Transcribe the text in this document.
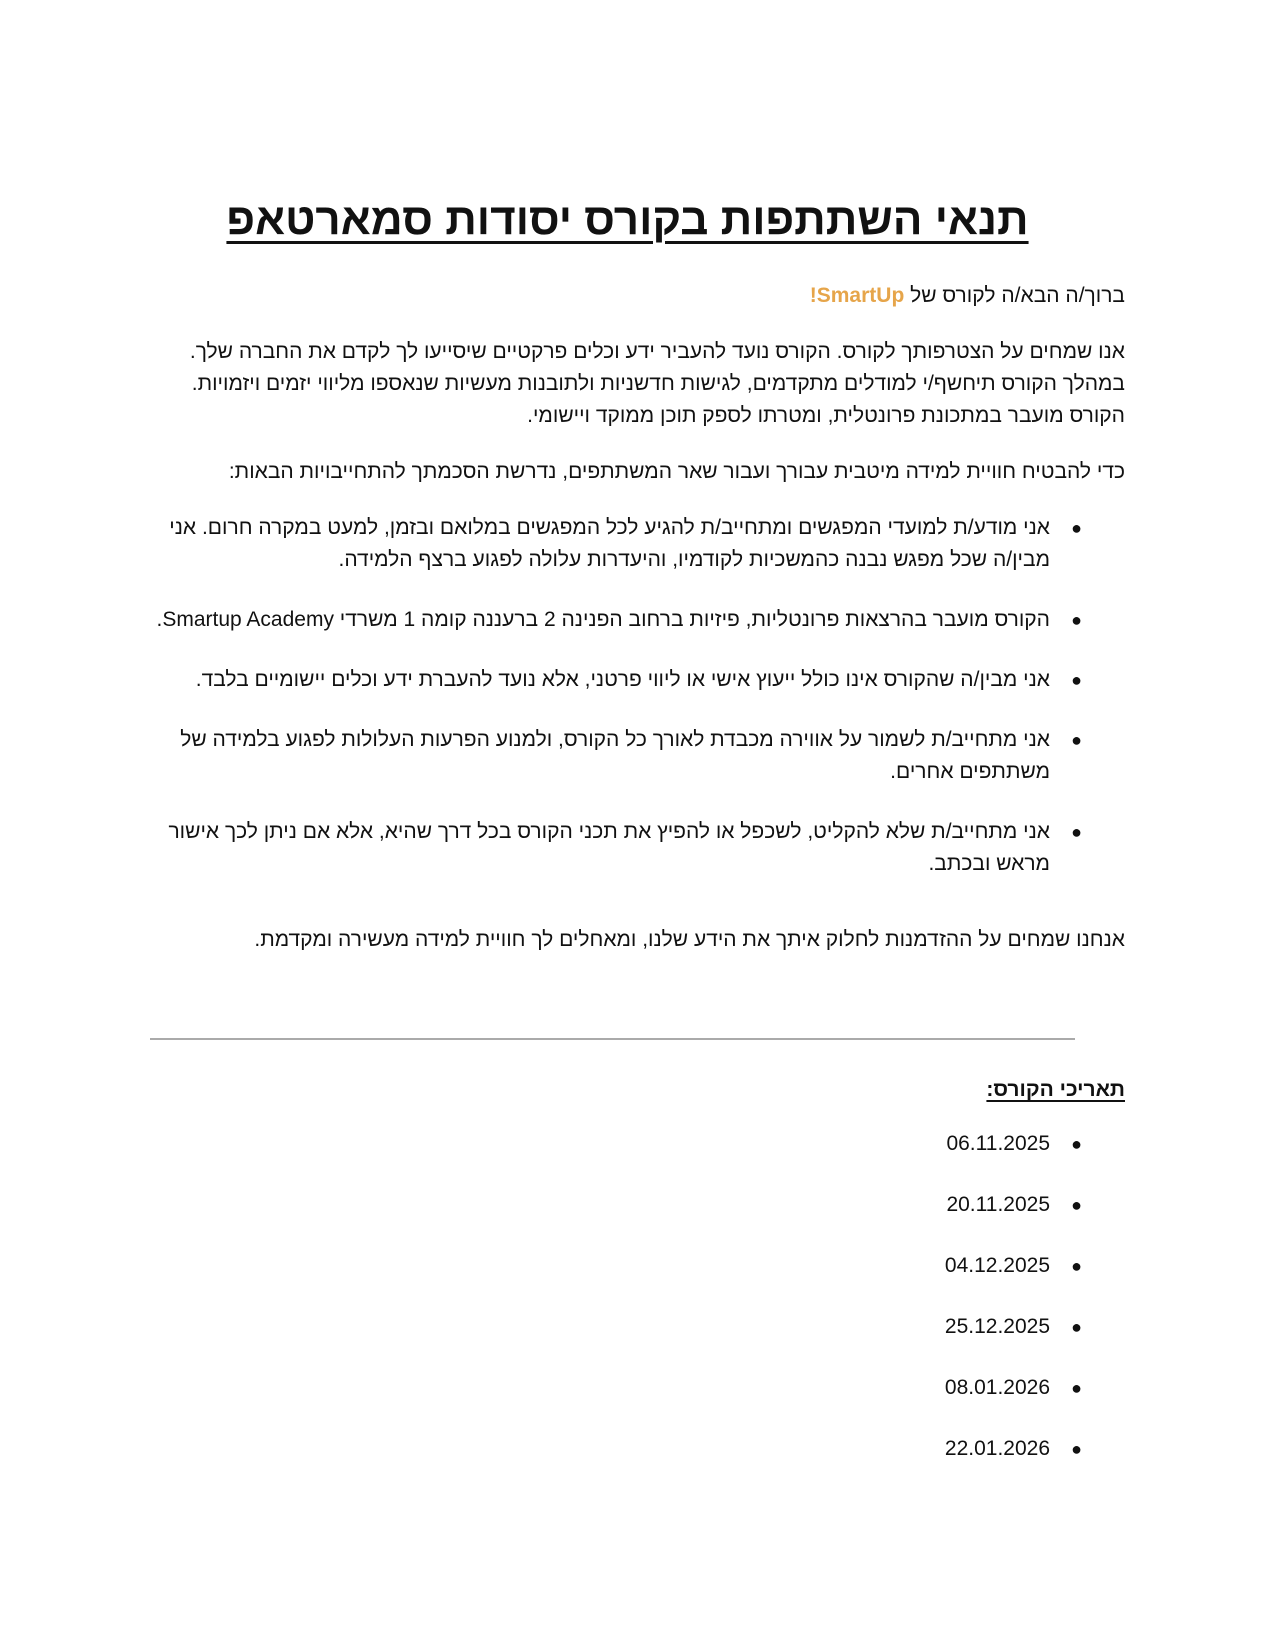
תנאי השתתפות בקורס יסודות סמארטאפ

ברוך/ה הבא/ה לקורס של SmartUp!

אנו שמחים על הצטרפותך לקורס. הקורס נועד להעביר ידע וכלים פרקטיים שיסייעו לך לקדם את החברה שלך.

במהלך הקורס תיחשף/י למודלים מתקדמים, לגישות חדשניות ולתובנות מעשיות שנאספו מליווי יזמים ויזמויות.

הקורס מועבר במתכונת פרונטלית, ומטרתו לספק תוכן ממוקד ויישומי.

כדי להבטיח חוויית למידה מיטבית עבורך ועבור שאר המשתתפים, נדרשת הסכמתך להתחייבויות הבאות:

●
אני מודע/ת למועדי המפגשים ומתחייב/ת להגיע לכל המפגשים במלואם ובזמן, למעט במקרה חרום. אני מבין/ה שכל מפגש נבנה כהמשכיות לקודמיו, והיעדרות עלולה לפגוע ברצף הלמידה.
●
הקורס מועבר בהרצאות פרונטליות, פיזיות ברחוב הפנינה 2 ברעננה קומה 1 משרדי Smartup Academy.
●
אני מבין/ה שהקורס אינו כולל ייעוץ אישי או ליווי פרטני, אלא נועד להעברת ידע וכלים יישומיים בלבד.
●
אני מתחייב/ת לשמור על אווירה מכבדת לאורך כל הקורס, ולמנוע הפרעות העלולות לפגוע בלמידה של משתתפים אחרים.
●
אני מתחייב/ת שלא להקליט, לשכפל או להפיץ את תכני הקורס בכל דרך שהיא, אלא אם ניתן לכך אישור מראש ובכתב.

אנחנו שמחים על ההזדמנות לחלוק איתך את הידע שלנו, ומאחלים לך חוויית למידה מעשירה ומקדמת.

תאריכי הקורס:

●
06.11.2025
●
20.11.2025
●
04.12.2025
●
25.12.2025
●
08.01.2026
●
22.01.2026
